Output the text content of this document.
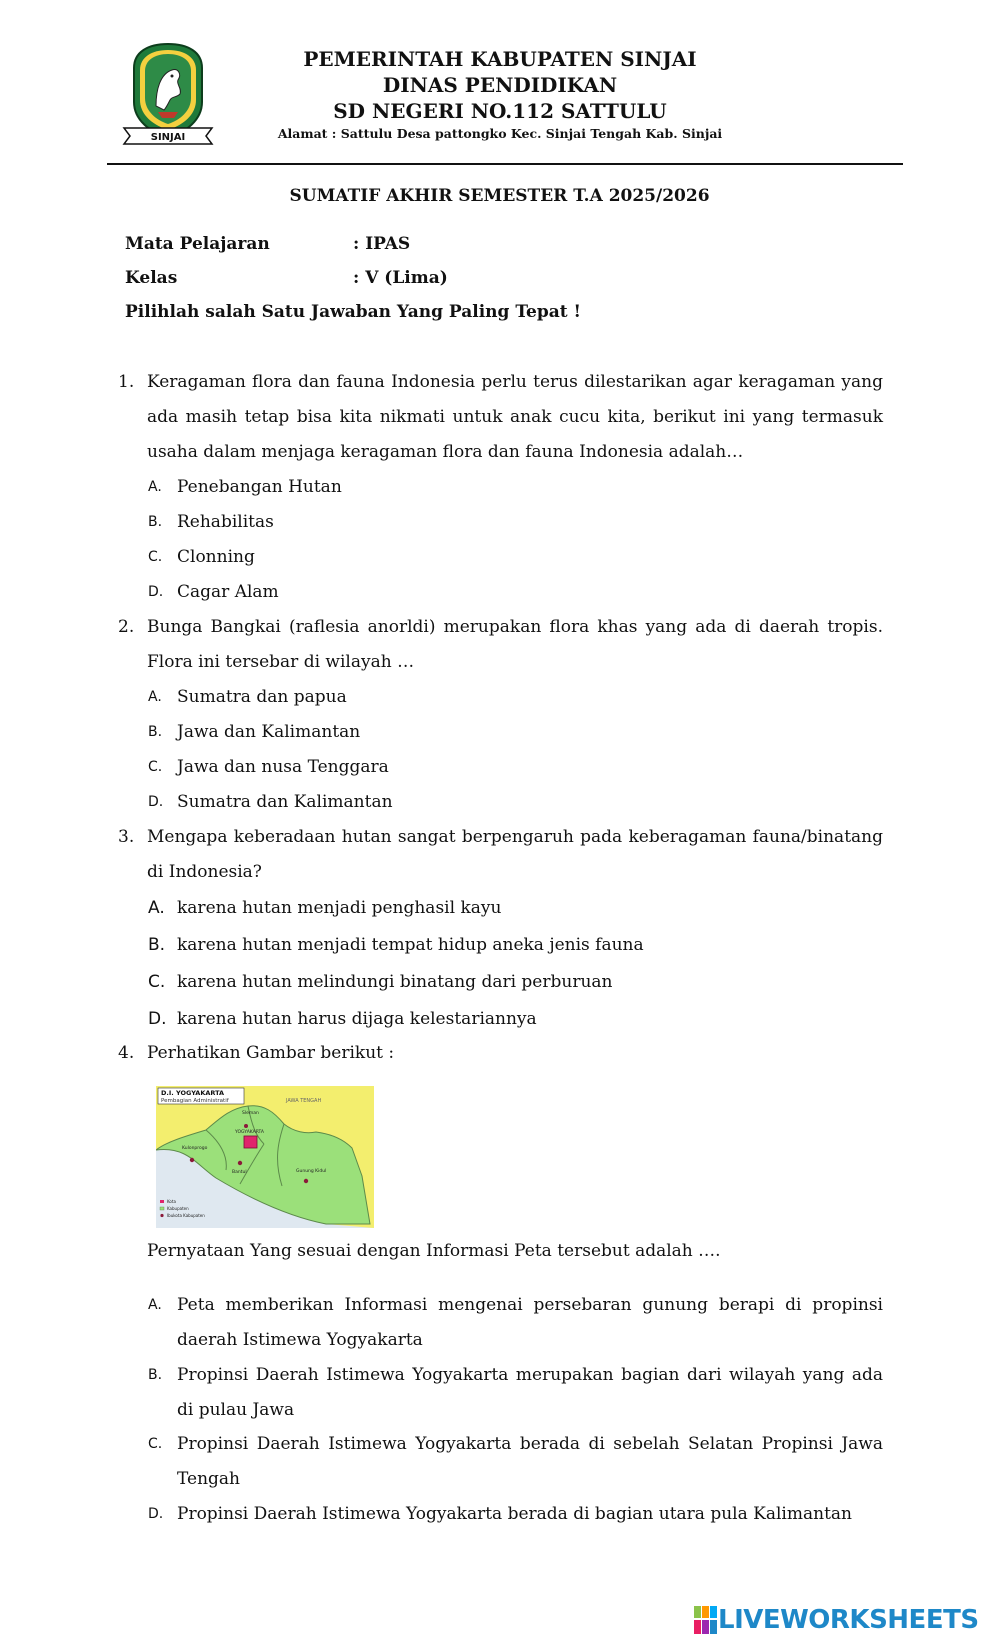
SINJAI
PEMERINTAH KABUPATEN SINJAI
DINAS PENDIDIKAN
SD NEGERI NO.112 SATTULU
Alamat : Sattulu Desa pattongko Kec. Sinjai Tengah Kab. Sinjai
SUMATIF AKHIR SEMESTER T.A 2025/2026
Mata Pelajaran	: IPAS
Kelas	: V (Lima)
Pilihlah salah Satu Jawaban Yang Paling Tepat !
1. Keragaman flora dan fauna Indonesia perlu terus dilestarikan agar keragaman yang ada masih tetap bisa kita nikmati untuk anak cucu kita, berikut ini yang termasuk usaha dalam menjaga keragaman flora dan fauna Indonesia adalah…
A. Penebangan Hutan
B. Rehabilitas
C. Clonning
D. Cagar Alam
2. Bunga Bangkai (raflesia anorldi) merupakan flora khas yang ada di daerah tropis. Flora ini tersebar di wilayah …
A. Sumatra dan papua
B. Jawa dan Kalimantan
C. Jawa dan nusa Tenggara
D. Sumatra dan Kalimantan
3. Mengapa keberadaan hutan sangat berpengaruh pada keberagaman fauna/binatang di Indonesia?
A. karena hutan menjadi penghasil kayu
B. karena hutan menjadi tempat hidup aneka jenis fauna
C. karena hutan melindungi binatang dari perburuan
D. karena hutan harus dijaga kelestariannya
4. Perhatikan Gambar berikut :
D.I. YOGYAKARTA
Pembagian Administratif	JAWA TENGAH
Sleman
YOGYAKARTA
Kulonprogo
Bantul	Gunung Kidul
Kota
Kabupaten
Ibukota Kabupaten
Pernyataan Yang sesuai dengan Informasi Peta tersebut adalah ….
A. Peta memberikan Informasi mengenai persebaran gunung berapi di propinsi daerah Istimewa Yogyakarta
B. Propinsi Daerah Istimewa Yogyakarta merupakan bagian dari wilayah yang ada di pulau Jawa
C. Propinsi Daerah Istimewa Yogyakarta berada di sebelah Selatan Propinsi Jawa Tengah
D. Propinsi Daerah Istimewa Yogyakarta berada di bagian utara pula Kalimantan
LIVEWORKSHEETS
